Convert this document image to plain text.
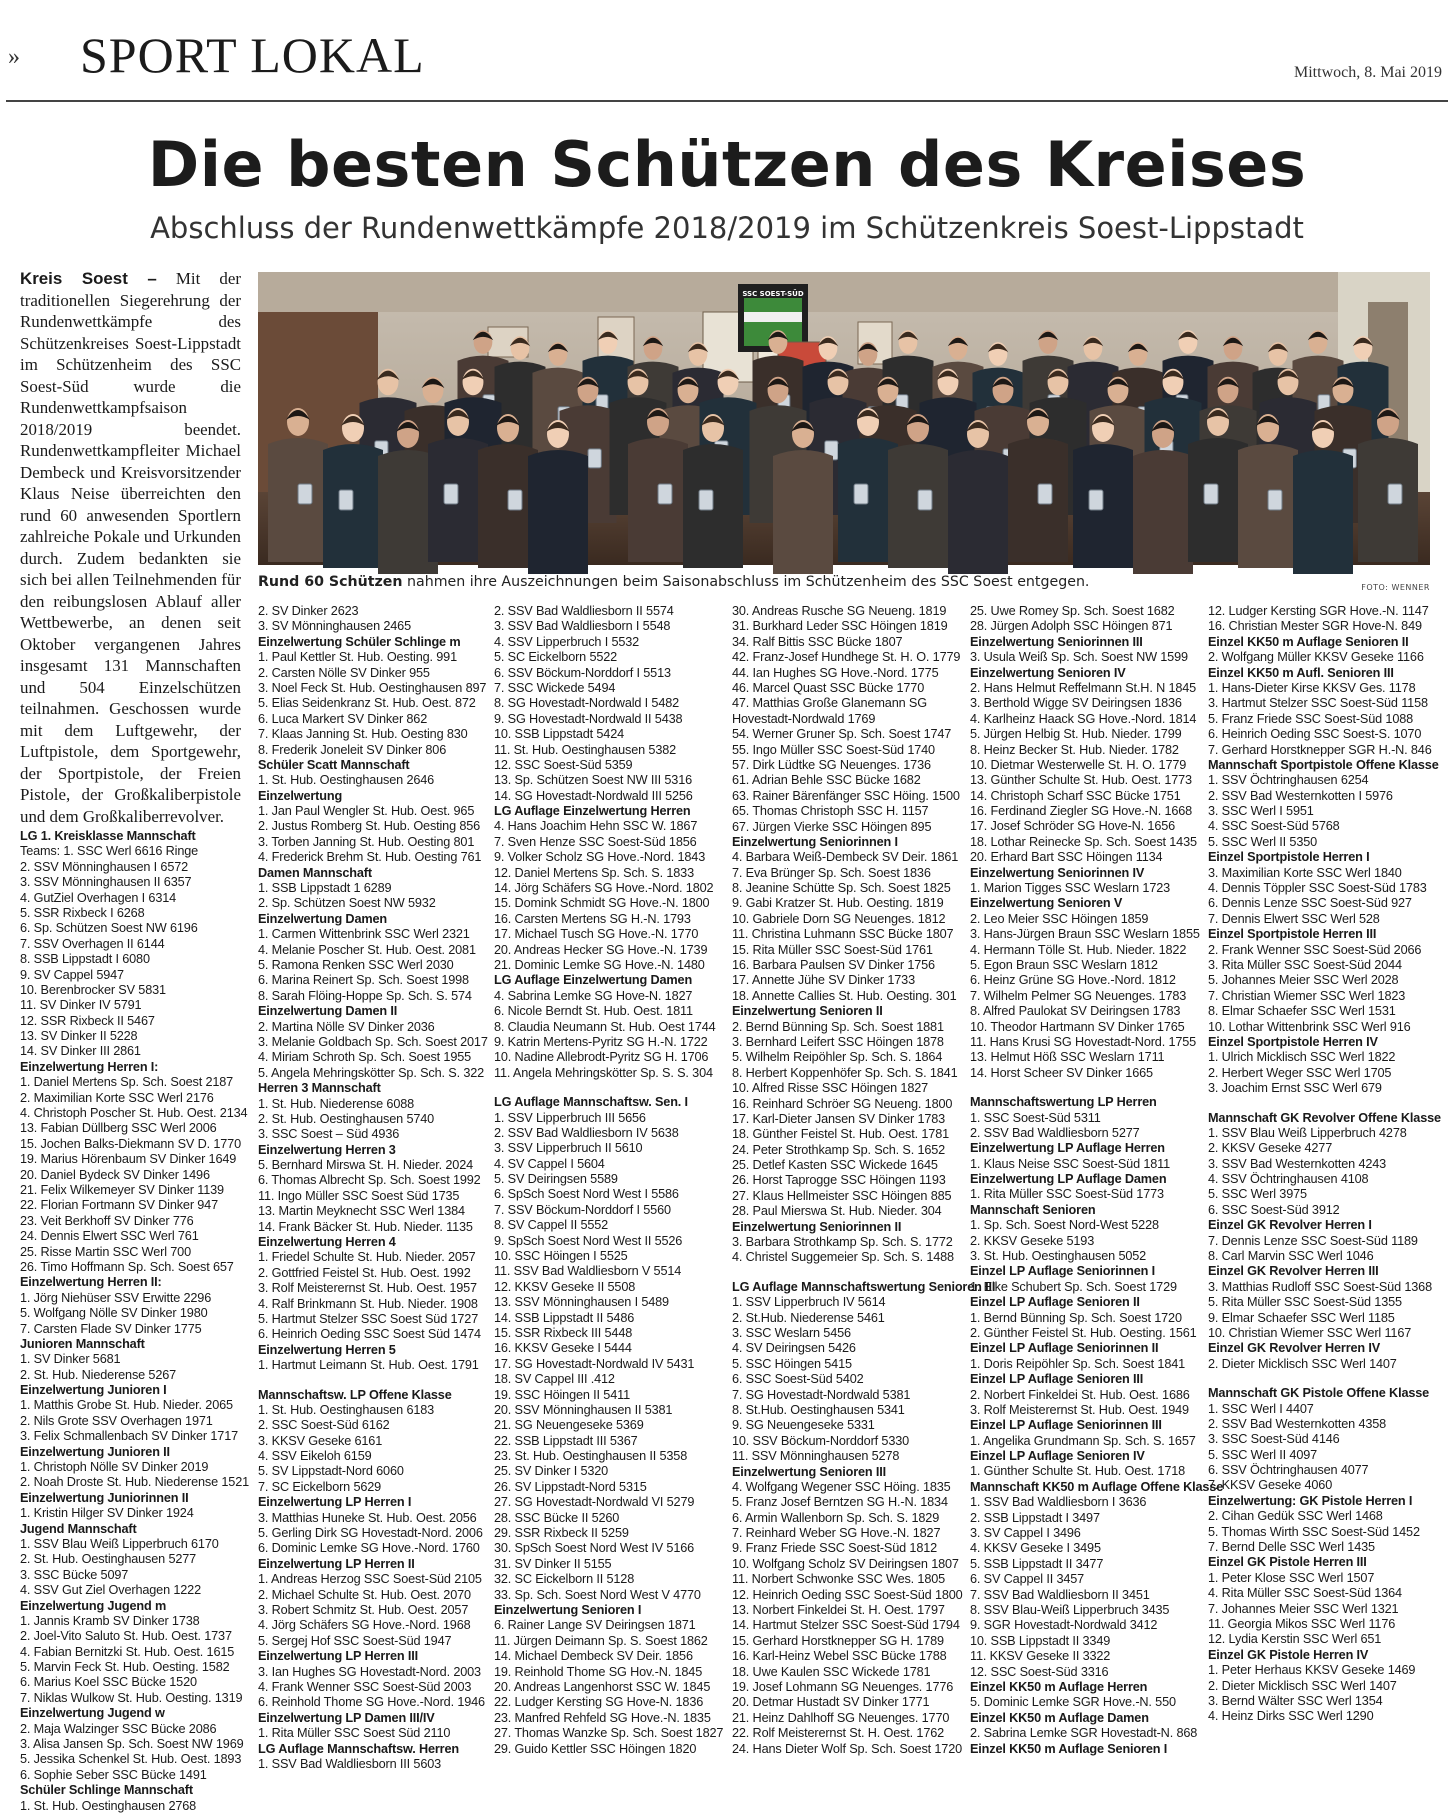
» SPORT LOKAL	Mittwoch, 8. Mai 2019
Die besten Schützen des Kreises
Abschluss der Rundenwettkämpfe 2018/2019 im Schützenkreis Soest-Lippstadt

Kreis Soest – Mit der traditionellen Siegerehrung der Rundenwettkämpfe des Schützenkreises Soest-Lippstadt im Schützenheim des SSC Soest-Süd wurde die Rundenwettkampfsaison 2018/2019 beendet. Rundenwettkampfleiter Michael Dembeck und Kreisvorsitzender Klaus Neise überreichten den rund 60 anwesenden Sportlern zahlreiche Pokale und Urkunden durch. Zudem bedankten sie sich bei allen Teilnehmenden für den reibungslosen Ablauf aller Wettbewerbe, an denen seit Oktober vergangenen Jahres insgesamt 131 Mannschaften und 504 Einzelschützen teilnahmen. Geschossen wurde mit dem Luftgewehr, der Luftpistole, dem Sportgewehr, der Sportpistole, der Freien Pistole, der Großkaliberpistole und dem Großkaliberrevolver.

SSC SOEST-SÜD
Rund 60 Schützen nahmen ihre Auszeichnungen beim Saisonabschluss im Schützenheim des SSC Soest entgegen.	FOTO: WENNER
LG 1. Kreisklasse Mannschaft
Teams: 1. SSC Werl 6616 Ringe
2. SSV Mönninghausen I 6572
3. SSV Mönninghausen II 6357
4. GutZiel Overhagen I 6314
5. SSR Rixbeck I 6268
6. Sp. Schützen Soest NW 6196
7. SSV Overhagen II 6144
8. SSB Lippstadt I 6080
9. SV Cappel 5947
10. Berenbrocker SV 5831
11. SV Dinker IV 5791
12. SSR Rixbeck II 5467
13. SV Dinker II 5228
14. SV Dinker III 2861
Einzelwertung Herren I:
1. Daniel Mertens Sp. Sch. Soest 2187
2. Maximilian Korte SSC Werl 2176
4. Christoph Poscher St. Hub. Oest. 2134
13. Fabian Düllberg SSC Werl 2006
15. Jochen Balks-Diekmann SV D. 1770
19. Marius Hörenbaum SV Dinker 1649
20. Daniel Bydeck SV Dinker 1496
21. Felix Wilkemeyer SV Dinker 1139
22. Florian Fortmann SV Dinker 947
23. Veit Berkhoff SV Dinker 776
24. Dennis Elwert SSC Werl 761
25. Risse Martin SSC Werl 700
26. Timo Hoffmann Sp. Sch. Soest 657
Einzelwertung Herren II:
1. Jörg Niehüser SSV Erwitte 2296
5. Wolfgang Nölle SV Dinker 1980
7. Carsten Flade SV Dinker 1775
Junioren Mannschaft
1. SV Dinker 5681
2. St. Hub. Niederense 5267
Einzelwertung Junioren I
1. Matthis Grobe St. Hub. Nieder. 2065
2. Nils Grote SSV Overhagen 1971
3. Felix Schmallenbach SV Dinker 1717
Einzelwertung Junioren II
1. Christoph Nölle SV Dinker 2019
2. Noah Droste St. Hub. Niederense 1521
Einzelwertung Juniorinnen II
1. Kristin Hilger SV Dinker 1924
Jugend Mannschaft
1. SSV Blau Weiß Lipperbruch 6170
2. St. Hub. Oestinghausen 5277
3. SSC Bücke 5097
4. SSV Gut Ziel Overhagen 1222
Einzelwertung Jugend m
1. Jannis Kramb SV Dinker 1738
2. Joel-Vito Saluto St. Hub. Oest. 1737
4. Fabian Bernitzki St. Hub. Oest. 1615
5. Marvin Feck St. Hub. Oesting. 1582
6. Marius Koel SSC Bücke 1520
7. Niklas Wulkow St. Hub. Oesting. 1319
Einzelwertung Jugend w
2. Maja Walzinger SSC Bücke 2086
3. Alisa Jansen Sp. Sch. Soest NW 1969
5. Jessika Schenkel St. Hub. Oest. 1893
6. Sophie Seber SSC Bücke 1491
Schüler Schlinge Mannschaft
1. St. Hub. Oestinghausen 2768
2. SV Dinker 2623
3. SV Mönninghausen 2465
Einzelwertung Schüler Schlinge m
1. Paul Kettler St. Hub. Oesting. 991
2. Carsten Nölle SV Dinker 955
3. Noel Feck St. Hub. Oestinghausen 897
5. Elias Seidenkranz St. Hub. Oest. 872
6. Luca Markert SV Dinker 862
7. Klaas Janning St. Hub. Oesting 830
8. Frederik Joneleit SV Dinker 806
Schüler Scatt Mannschaft
1. St. Hub. Oestinghausen 2646
Einzelwertung
1. Jan Paul Wengler St. Hub. Oest. 965
2. Justus Romberg St. Hub. Oesting 856
3. Torben Janning St. Hub. Oesting 801
4. Frederick Brehm St. Hub. Oesting 761
Damen Mannschaft
1. SSB Lippstadt 1 6289
2. Sp. Schützen Soest NW 5932
Einzelwertung Damen
1. Carmen Wittenbrink SSC Werl 2321
4. Melanie Poscher St. Hub. Oest. 2081
5. Ramona Renken SSC Werl 2030
6. Marina Reinert Sp. Sch. Soest 1998
8. Sarah Flöing-Hoppe Sp. Sch. S. 574
Einzelwertung Damen II
2. Martina Nölle SV Dinker 2036
3. Melanie Goldbach Sp. Sch. Soest 2017
4. Miriam Schroth Sp. Sch. Soest 1955
5. Angela Mehringskötter Sp. Sch. S. 322
Herren 3 Mannschaft
1. St. Hub. Niederense 6088
2. St. Hub. Oestinghausen 5740
3. SSC Soest – Süd 4936
Einzelwertung Herren 3
5. Bernhard Mirswa St. H. Nieder. 2024
6. Thomas Albrecht Sp. Sch. Soest 1992
11. Ingo Müller SSC Soest Süd 1735
13. Martin Meyknecht SSC Werl 1384
14. Frank Bäcker St. Hub. Nieder. 1135
Einzelwertung Herren 4
1. Friedel Schulte St. Hub. Nieder. 2057
2. Gottfried Feistel St. Hub. Oest. 1992
3. Rolf Meisterernst St. Hub. Oest. 1957
4. Ralf Brinkmann St. Hub. Nieder. 1908
5. Hartmut Stelzer SSC Soest Süd 1727
6. Heinrich Oeding SSC Soest Süd 1474
Einzelwertung Herren 5
1. Hartmut Leimann St. Hub. Oest. 1791
Mannschaftsw. LP Offene Klasse
1. St. Hub. Oestinghausen 6183
2. SSC Soest-Süd 6162
3. KKSV Geseke 6161
4. SSV Eikeloh 6159
5. SV Lippstadt-Nord 6060
7. SC Eickelborn 5629
Einzelwertung LP Herren I
3. Matthias Huneke St. Hub. Oest. 2056
5. Gerling Dirk SG Hovestadt-Nord. 2006
6. Dominic Lemke SG Hove.-Nord. 1760
Einzelwertung LP Herren II
1. Andreas Herzog SSC Soest-Süd 2105
2. Michael Schulte St. Hub. Oest. 2070
3. Robert Schmitz St. Hub. Oest. 2057
4. Jörg Schäfers SG Hove.-Nord. 1968
5. Sergej Hof SSC Soest-Süd 1947
Einzelwertung LP Herren III
3. Ian Hughes SG Hovestadt-Nord. 2003
4. Frank Wenner SSC Soest-Süd 2003
6. Reinhold Thome SG Hove.-Nord. 1946
Einzelwertung LP Damen III/IV
1. Rita Müller SSC Soest Süd 2110
LG Auflage Mannschaftsw. Herren
1. SSV Bad Waldliesborn III 5603
2. SSV Bad Waldliesborn II 5574
3. SSV Bad Waldliesborn I 5548
4. SSV Lipperbruch I 5532
5. SC Eickelborn 5522
6. SSV Böckum-Norddorf I 5513
7. SSC Wickede 5494
8. SG Hovestadt-Nordwald I 5482
9. SG Hovestadt-Nordwald II 5438
10. SSB Lippstadt 5424
11. St. Hub. Oestinghausen 5382
12. SSC Soest-Süd 5359
13. Sp. Schützen Soest NW III 5316
14. SG Hovestadt-Nordwald III 5256
LG Auflage Einzelwertung Herren
4. Hans Joachim Hehn SSC W. 1867
7. Sven Henze SSC Soest-Süd 1856
9. Volker Scholz SG Hove.-Nord. 1843
12. Daniel Mertens Sp. Sch. S. 1833
14. Jörg Schäfers SG Hove.-Nord. 1802
15. Domink Schmidt SG Hove.-N. 1800
16. Carsten Mertens SG H.-N. 1793
17. Michael Tusch SG Hove.-N. 1770
20. Andreas Hecker SG Hove.-N. 1739
21. Dominic Lemke SG Hove.-N. 1480
LG Auflage Einzelwertung Damen
4. Sabrina Lemke SG Hove-N. 1827
6. Nicole Berndt St. Hub. Oest. 1811
8. Claudia Neumann St. Hub. Oest 1744
9. Katrin Mertens-Pyritz SG H.-N. 1722
10. Nadine Allebrodt-Pyritz SG H. 1706
11. Angela Mehringskötter Sp. S. S. 304
LG Auflage Mannschaftsw. Sen. I
1. SSV Lipperbruch III 5656
2. SSV Bad Waldliesborn IV 5638
3. SSV Lipperbruch II 5610
4. SV Cappel I 5604
5. SV Deiringsen 5589
6. SpSch Soest Nord West I 5586
7. SSV Böckum-Norddorf I 5560
8. SV Cappel II 5552
9. SpSch Soest Nord West II 5526
10. SSC Höingen I 5525
11. SSV Bad Waldliesborn V 5514
12. KKSV Geseke II 5508
13. SSV Mönninghausen I 5489
14. SSB Lippstadt II 5486
15. SSR Rixbeck III 5448
16. KKSV Geseke I 5444
17. SG Hovestadt-Nordwald IV 5431
18. SV Cappel III .412
19. SSC Höingen II 5411
20. SSV Mönninghausen II 5381
21. SG Neuengeseke 5369
22. SSB Lippstadt III 5367
23. St. Hub. Oestinghausen II 5358
25. SV Dinker I 5320
26. SV Lippstadt-Nord 5315
27. SG Hovestadt-Nordwald VI 5279
28. SSC Bücke II 5260
29. SSR Rixbeck II 5259
30. SpSch Soest Nord West IV 5166
31. SV Dinker II 5155
32. SC Eickelborn II 5128
33. Sp. Sch. Soest Nord West V 4770
Einzelwertung Senioren I
6. Rainer Lange SV Deiringsen 1871
11. Jürgen Deimann Sp. S. Soest 1862
14. Michael Dembeck SV Deir. 1856
19. Reinhold Thome SG Hov.-N. 1845
20. Andreas Langenhorst SSC W. 1845
22. Ludger Kersting SG Hove-N. 1836
23. Manfred Rehfeld SG Hove.-N. 1835
27. Thomas Wanzke Sp. Sch. Soest 1827
29. Guido Kettler SSC Höingen 1820
30. Andreas Rusche SG Neueng. 1819
31. Burkhard Leder SSC Höingen 1819
34. Ralf Bittis SSC Bücke 1807
42. Franz-Josef Hundhege St. H. O. 1779
44. Ian Hughes SG Hove.-Nord. 1775
46. Marcel Quast SSC Bücke 1770
47. Matthias Große Glanemann SG Hovestadt-Nordwald 1769
54. Werner Gruner Sp. Sch. Soest 1747
55. Ingo Müller SSC Soest-Süd 1740
57. Dirk Lüdtke SG Neuenges. 1736
61. Adrian Behle SSC Bücke 1682
63. Rainer Bärenfänger SSC Höing. 1500
65. Thomas Christoph SSC H. 1157
67. Jürgen Vierke SSC Höingen 895
Einzelwertung Seniorinnen I
4. Barbara Weiß-Dembeck SV Deir. 1861
7. Eva Brünger Sp. Sch. Soest 1836
8. Jeanine Schütte Sp. Sch. Soest 1825
9. Gabi Kratzer St. Hub. Oesting. 1819
10. Gabriele Dorn SG Neuenges. 1812
11. Christina Luhmann SSC Bücke 1807
15. Rita Müller SSC Soest-Süd 1761
16. Barbara Paulsen SV Dinker 1756
17. Annette Jühe SV Dinker 1733
18. Annette Callies St. Hub. Oesting. 301
Einzelwertung Senioren II
2. Bernd Bünning Sp. Sch. Soest 1881
3. Bernhard Leifert SSC Höingen 1878
5. Wilhelm Reipöhler Sp. Sch. S. 1864
8. Herbert Koppenhöfer Sp. Sch. S. 1841
10. Alfred Risse SSC Höingen 1827
16. Reinhard Schröer SG Neueng. 1800
17. Karl-Dieter Jansen SV Dinker 1783
18. Günther Feistel St. Hub. Oest. 1781
24. Peter Strothkamp Sp. Sch. S. 1652
25. Detlef Kasten SSC Wickede 1645
26. Horst Taprogge SSC Höingen 1193
27. Klaus Hellmeister SSC Höingen 885
28. Paul Mierswa St. Hub. Nieder. 304
Einzelwertung Seniorinnen II
3. Barbara Strothkamp Sp. Sch. S. 1772
4. Christel Suggemeier Sp. Sch. S. 1488
LG Auflage Mannschaftswertung Senioren III
1. SSV Lipperbruch IV 5614
2. St.Hub. Niederense 5461
3. SSC Weslarn 5456
4. SV Deiringsen 5426
5. SSC Höingen 5415
6. SSC Soest-Süd 5402
7. SG Hovestadt-Nordwald 5381
8. St.Hub. Oestinghausen 5341
9. SG Neuengeseke 5331
10. SSV Böckum-Norddorf 5330
11. SSV Mönninghausen 5278
Einzelwertung Senioren III
4. Wolfgang Wegener SSC Höing. 1835
5. Franz Josef Berntzen SG H.-N. 1834
6. Armin Wallenborn Sp. Sch. S. 1829
7. Reinhard Weber SG Hove.-N. 1827
9. Franz Friede SSC Soest-Süd 1812
10. Wolfgang Scholz SV Deiringsen 1807
11. Norbert Schwonke SSC Wes. 1805
12. Heinrich Oeding SSC Soest-Süd 1800
13. Norbert Finkeldei St. H. Oest. 1797
14. Hartmut Stelzer SSC Soest-Süd 1794
15. Gerhard Horstknepper SG H. 1789
16. Karl-Heinz Webel SSC Bücke 1788
18. Uwe Kaulen SSC Wickede 1781
19. Josef Lohmann SG Neuenges. 1776
20. Detmar Hustadt SV Dinker 1771
21. Heinz Dahlhoff SG Neuenges. 1770
22. Rolf Meisterernst St. H. Oest. 1762
24. Hans Dieter Wolf Sp. Sch. Soest 1720
25. Uwe Romey Sp. Sch. Soest 1682
28. Jürgen Adolph SSC Höingen 871
Einzelwertung Seniorinnen III
3. Usula Weiß Sp. Sch. Soest NW 1599
Einzelwertung Senioren IV
2. Hans Helmut Reffelmann St.H. N 1845
3. Berthold Wigge SV Deiringsen 1836
4. Karlheinz Haack SG Hove.-Nord. 1814
5. Jürgen Helbig St. Hub. Nieder. 1799
8. Heinz Becker St. Hub. Nieder. 1782
10. Dietmar Westerwelle St. H. O. 1779
13. Günther Schulte St. Hub. Oest. 1773
14. Christoph Scharf SSC Bücke 1751
16. Ferdinand Ziegler SG Hove.-N. 1668
17. Josef Schröder SG Hove-N. 1656
18. Lothar Reinecke Sp. Sch. Soest 1435
20. Erhard Bart SSC Höingen 1134
Einzelwertung Seniorinnen IV
1. Marion Tigges SSC Weslarn 1723
Einzelwertung Senioren V
2. Leo Meier SSC Höingen 1859
3. Hans-Jürgen Braun SSC Weslarn 1855
4. Hermann Tölle St. Hub. Nieder. 1822
5. Egon Braun SSC Weslarn 1812
6. Heinz Grüne SG Hove.-Nord. 1812
7. Wilhelm Pelmer SG Neuenges. 1783
8. Alfred Paulokat SV Deiringsen 1783
10. Theodor Hartmann SV Dinker 1765
11. Hans Krusi SG Hovestadt-Nord. 1755
13. Helmut Höß SSC Weslarn 1711
14. Horst Scheer SV Dinker 1665
Mannschaftswertung LP Herren
1. SSC Soest-Süd 5311
2. SSV Bad Waldliesborn 5277
Einzelwertung LP Auflage Herren
1. Klaus Neise SSC Soest-Süd 1811
Einzelwertung LP Auflage Damen
1. Rita Müller SSC Soest-Süd 1773
Mannschaft Senioren
1. Sp. Sch. Soest Nord-West 5228
2. KKSV Geseke 5193
3. St. Hub. Oestinghausen 5052
Einzel LP Auflage Seniorinnen I
1. Elke Schubert Sp. Sch. Soest 1729
Einzel LP Auflage Senioren II
1. Bernd Bünning Sp. Sch. Soest 1720
2. Günther Feistel St. Hub. Oesting. 1561
Einzel LP Auflage Seniorinnen II
1. Doris Reipöhler Sp. Sch. Soest 1841
Einzel LP Auflage Senioren III
2. Norbert Finkeldei St. Hub. Oest. 1686
3. Rolf Meisterernst St. Hub. Oest. 1949
Einzel LP Auflage Seniorinnen III
1. Angelika Grundmann Sp. Sch. S. 1657
Einzel LP Auflage Senioren IV
1. Günther Schulte St. Hub. Oest. 1718
Mannschaft KK50 m Auflage Offene Klasse
1. SSV Bad Waldliesborn I 3636
2. SSB Lippstadt I 3497
3. SV Cappel I 3496
4. KKSV Geseke I 3495
5. SSB Lippstadt II 3477
6. SV Cappel II 3457
7. SSV Bad Waldliesborn II 3451
8. SSV Blau-Weiß Lipperbruch 3435
9. SGR Hovestadt-Nordwald 3412
10. SSB Lippstadt II 3349
11. KKSV Geseke II 3322
12. SSC Soest-Süd 3316
Einzel KK50 m Auflage Herren
5. Dominic Lemke SGR Hove.-N. 550
Einzel KK50 m Auflage Damen
2. Sabrina Lemke SGR Hovestadt-N. 868
Einzel KK50 m Auflage Senioren I
12. Ludger Kersting SGR Hove.-N. 1147
16. Christian Mester SGR Hove-N. 849
Einzel KK50 m Auflage Senioren II
2. Wolfgang Müller KKSV Geseke 1166
Einzel KK50 m Aufl. Senioren III
1. Hans-Dieter Kirse KKSV Ges. 1178
3. Hartmut Stelzer SSC Soest-Süd 1158
5. Franz Friede SSC Soest-Süd 1088
6. Heinrich Oeding SSC Soest-S. 1070
7. Gerhard Horstknepper SGR H.-N. 846
Mannschaft Sportpistole Offene Klasse
1. SSV Öchtringhausen 6254
2. SSV Bad Westernkotten I 5976
3. SSC Werl I 5951
4. SSC Soest-Süd 5768
5. SSC Werl II 5350
Einzel Sportpistole Herren I
3. Maximilian Korte SSC Werl 1840
4. Dennis Töppler SSC Soest-Süd 1783
6. Dennis Lenze SSC Soest-Süd 927
7. Dennis Elwert SSC Werl 528
Einzel Sportpistole Herren III
2. Frank Wenner SSC Soest-Süd 2066
3. Rita Müller SSC Soest-Süd 2044
5. Johannes Meier SSC Werl 2028
7. Christian Wiemer SSC Werl 1823
8. Elmar Schaefer SSC Werl 1531
10. Lothar Wittenbrink SSC Werl 916
Einzel Sportpistole Herren IV
1. Ulrich Micklisch SSC Werl 1822
2. Herbert Weger SSC Werl 1705
3. Joachim Ernst SSC Werl 679
Mannschaft GK Revolver Offene Klasse
1. SSV Blau Weiß Lipperbruch 4278
2. KKSV Geseke 4277
3. SSV Bad Westernkotten 4243
4. SSV Öchtringhausen 4108
5. SSC Werl 3975
6. SSC Soest-Süd 3912
Einzel GK Revolver Herren I
7. Dennis Lenze SSC Soest-Süd 1189
8. Carl Marvin SSC Werl 1046
Einzel GK Revolver Herren III
3. Matthias Rudloff SSC Soest-Süd 1368
5. Rita Müller SSC Soest-Süd 1355
9. Elmar Schaefer SSC Werl 1185
10. Christian Wiemer SSC Werl 1167
Einzel GK Revolver Herren IV
2. Dieter Micklisch SSC Werl 1407
Mannschaft GK Pistole Offene Klasse
1. SSC Werl I 4407
2. SSV Bad Westernkotten 4358
3. SSC Soest-Süd 4146
5. SSC Werl II 4097
6. SSV Öchtringhausen 4077
7. KKSV Geseke 4060
Einzelwertung: GK Pistole Herren I
2. Cihan Gedük SSC Werl 1468
5. Thomas Wirth SSC Soest-Süd 1452
7. Bernd Delle SSC Werl 1435
Einzel GK Pistole Herren III
1. Peter Klose SSC Werl 1507
4. Rita Müller SSC Soest-Süd 1364
7. Johannes Meier SSC Werl 1321
11. Georgia Mikos SSC Werl 1176
12. Lydia Kerstin SSC Werl 651
Einzel GK Pistole Herren IV
1. Peter Herhaus KKSV Geseke 1469
2. Dieter Micklisch SSC Werl 1407
3. Bernd Wälter SSC Werl 1354
4. Heinz Dirks SSC Werl 1290
